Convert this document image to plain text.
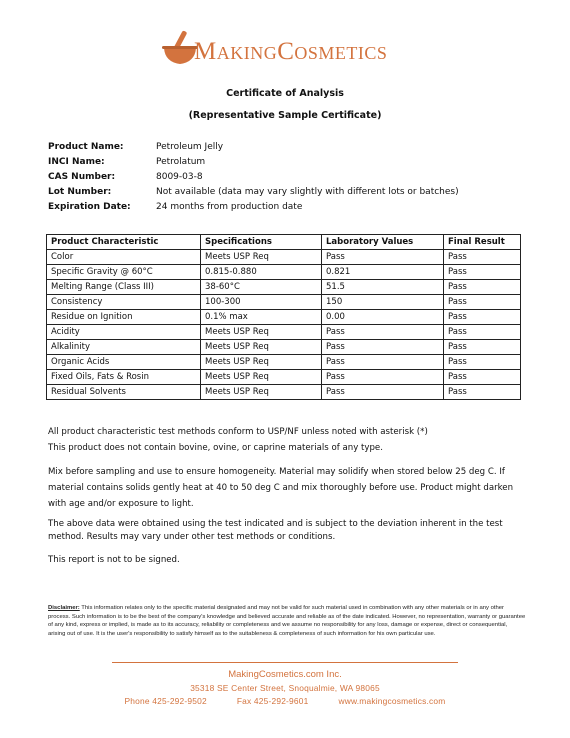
MAKINGCOSMETICS
Certificate of Analysis
(Representative Sample Certificate)
Product Name:	Petroleum Jelly
INCI Name:	Petrolatum
CAS Number:	8009-03-8
Lot Number:	Not available (data may vary slightly with different lots or batches)
Expiration Date:	24 months from production date
Product Characteristic	Specifications	Laboratory Values	Final Result
Color	Meets USP Req	Pass	Pass
Specific Gravity @ 60°C	0.815-0.880	0.821	Pass
Melting Range (Class III)	38-60°C	51.5	Pass
Consistency	100-300	150	Pass
Residue on Ignition	0.1% max	0.00	Pass
Acidity	Meets USP Req	Pass	Pass
Alkalinity	Meets USP Req	Pass	Pass
Organic Acids	Meets USP Req	Pass	Pass
Fixed Oils, Fats & Rosin	Meets USP Req	Pass	Pass
Residual Solvents	Meets USP Req	Pass	Pass
All product characteristic test methods conform to USP/NF unless noted with asterisk (*)
This product does not contain bovine, ovine, or caprine materials of any type.
Mix before sampling and use to ensure homogeneity. Material may solidify when stored below 25 deg C. If material contains solids gently heat at 40 to 50 deg C and mix thoroughly before use. Product might darken with age and/or exposure to light.
The above data were obtained using the test indicated and is subject to the deviation inherent in the test method. Results may vary under other test methods or conditions.
This report is not to be signed.
Disclaimer: This information relates only to the specific material designated and may not be valid for such material used in combination with any other materials or in any other process. Such information is to be the best of the company's knowledge and believed accurate and reliable as of the date indicated. However, no representation, warranty or guarantee of any kind, express or implied, is made as to its accuracy, reliability or completeness and we assume no responsibility for any loss, damage or expense, direct or consequential, arising out of use. It is the user's responsibility to satisfy himself as to the suitableness & completeness of such information for his own particular use.
MakingCosmetics.com Inc.
35318 SE Center Street, Snoqualmie, WA 98065
Phone 425-292-9502	Fax 425-292-9601	www.makingcosmetics.com
